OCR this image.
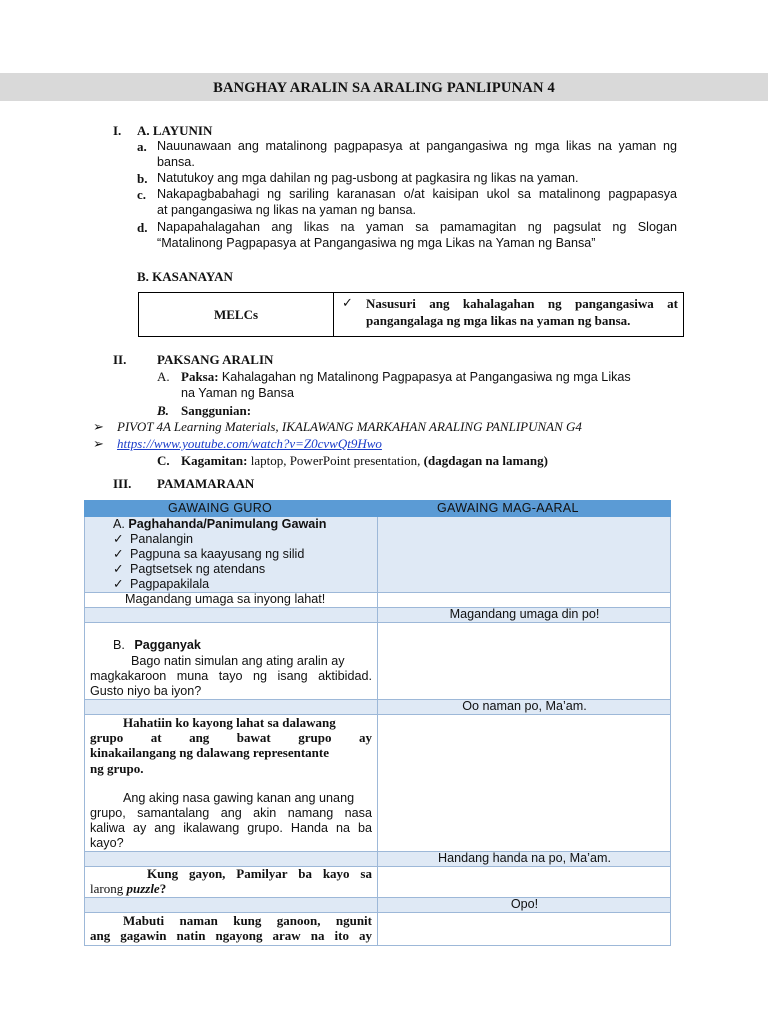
BANGHAY ARALIN SA ARALING PANLIPUNAN 4
I. A. LAYUNIN
a. Nauunawaan ang matalinong pagpapasya at pangangasiwa ng mga likas na yaman ng
bansa.
b. Natutukoy ang mga dahilan ng pag-usbong at pagkasira ng likas na yaman.
c. Nakapagbabahagi ng sariling karanasan o/at kaisipan ukol sa matalinong pagpapasya
at pangangasiwa ng likas na yaman ng bansa.
d. Napapahalagahan ang likas na yaman sa pamamagitan ng pagsulat ng Slogan
“Matalinong Pagpapasya at Pangangasiwa ng mga Likas na Yaman ng Bansa”
B. KASANAYAN
MELCs
✓ Nasusuri ang kahalagahan ng pangangasiwa at
pangangalaga ng mga likas na yaman ng bansa.
II. PAKSANG ARALIN
A. Paksa: Kahalagahan ng Matalinong Pagpapasya at Pangangasiwa ng mga Likas
na Yaman ng Bansa
B. Sanggunian:
➢ PIVOT 4A Learning Materials, IKALAWANG MARKAHAN ARALING PANLIPUNAN G4
➢ https://www.youtube.com/watch?v=Z0cvwQt9Hwo
C. Kagamitan: laptop, PowerPoint presentation, (dagdagan na lamang)
III. PAMAMARAAN
GAWAING GURO	GAWAING MAG-AARAL
A. Paghahanda/Panimulang Gawain
✓ Panalangin
✓ Pagpuna sa kaayusang ng silid
✓ Pagtsetsek ng atendans
✓ Pagpapakilala
Magandang umaga sa inyong lahat!
Magandang umaga din po!
B. Pagganyak
Bago natin simulan ang ating aralin ay
magkakaroon muna tayo ng isang aktibidad.
Gusto niyo ba iyon?
Oo naman po, Ma’am.
Hahatiin ko kayong lahat sa dalawang
grupo at ang bawat grupo ay
kinakailangang ng dalawang representante
ng grupo.
Ang aking nasa gawing kanan ang unang
grupo, samantalang ang akin namang nasa
kaliwa ay ang ikalawang grupo. Handa na ba
kayo?
Handang handa na po, Ma’am.
Kung gayon, Pamilyar ba kayo sa
larong puzzle?
Opo!
Mabuti naman kung ganoon, ngunit
ang gagawin natin ngayong araw na ito ay
